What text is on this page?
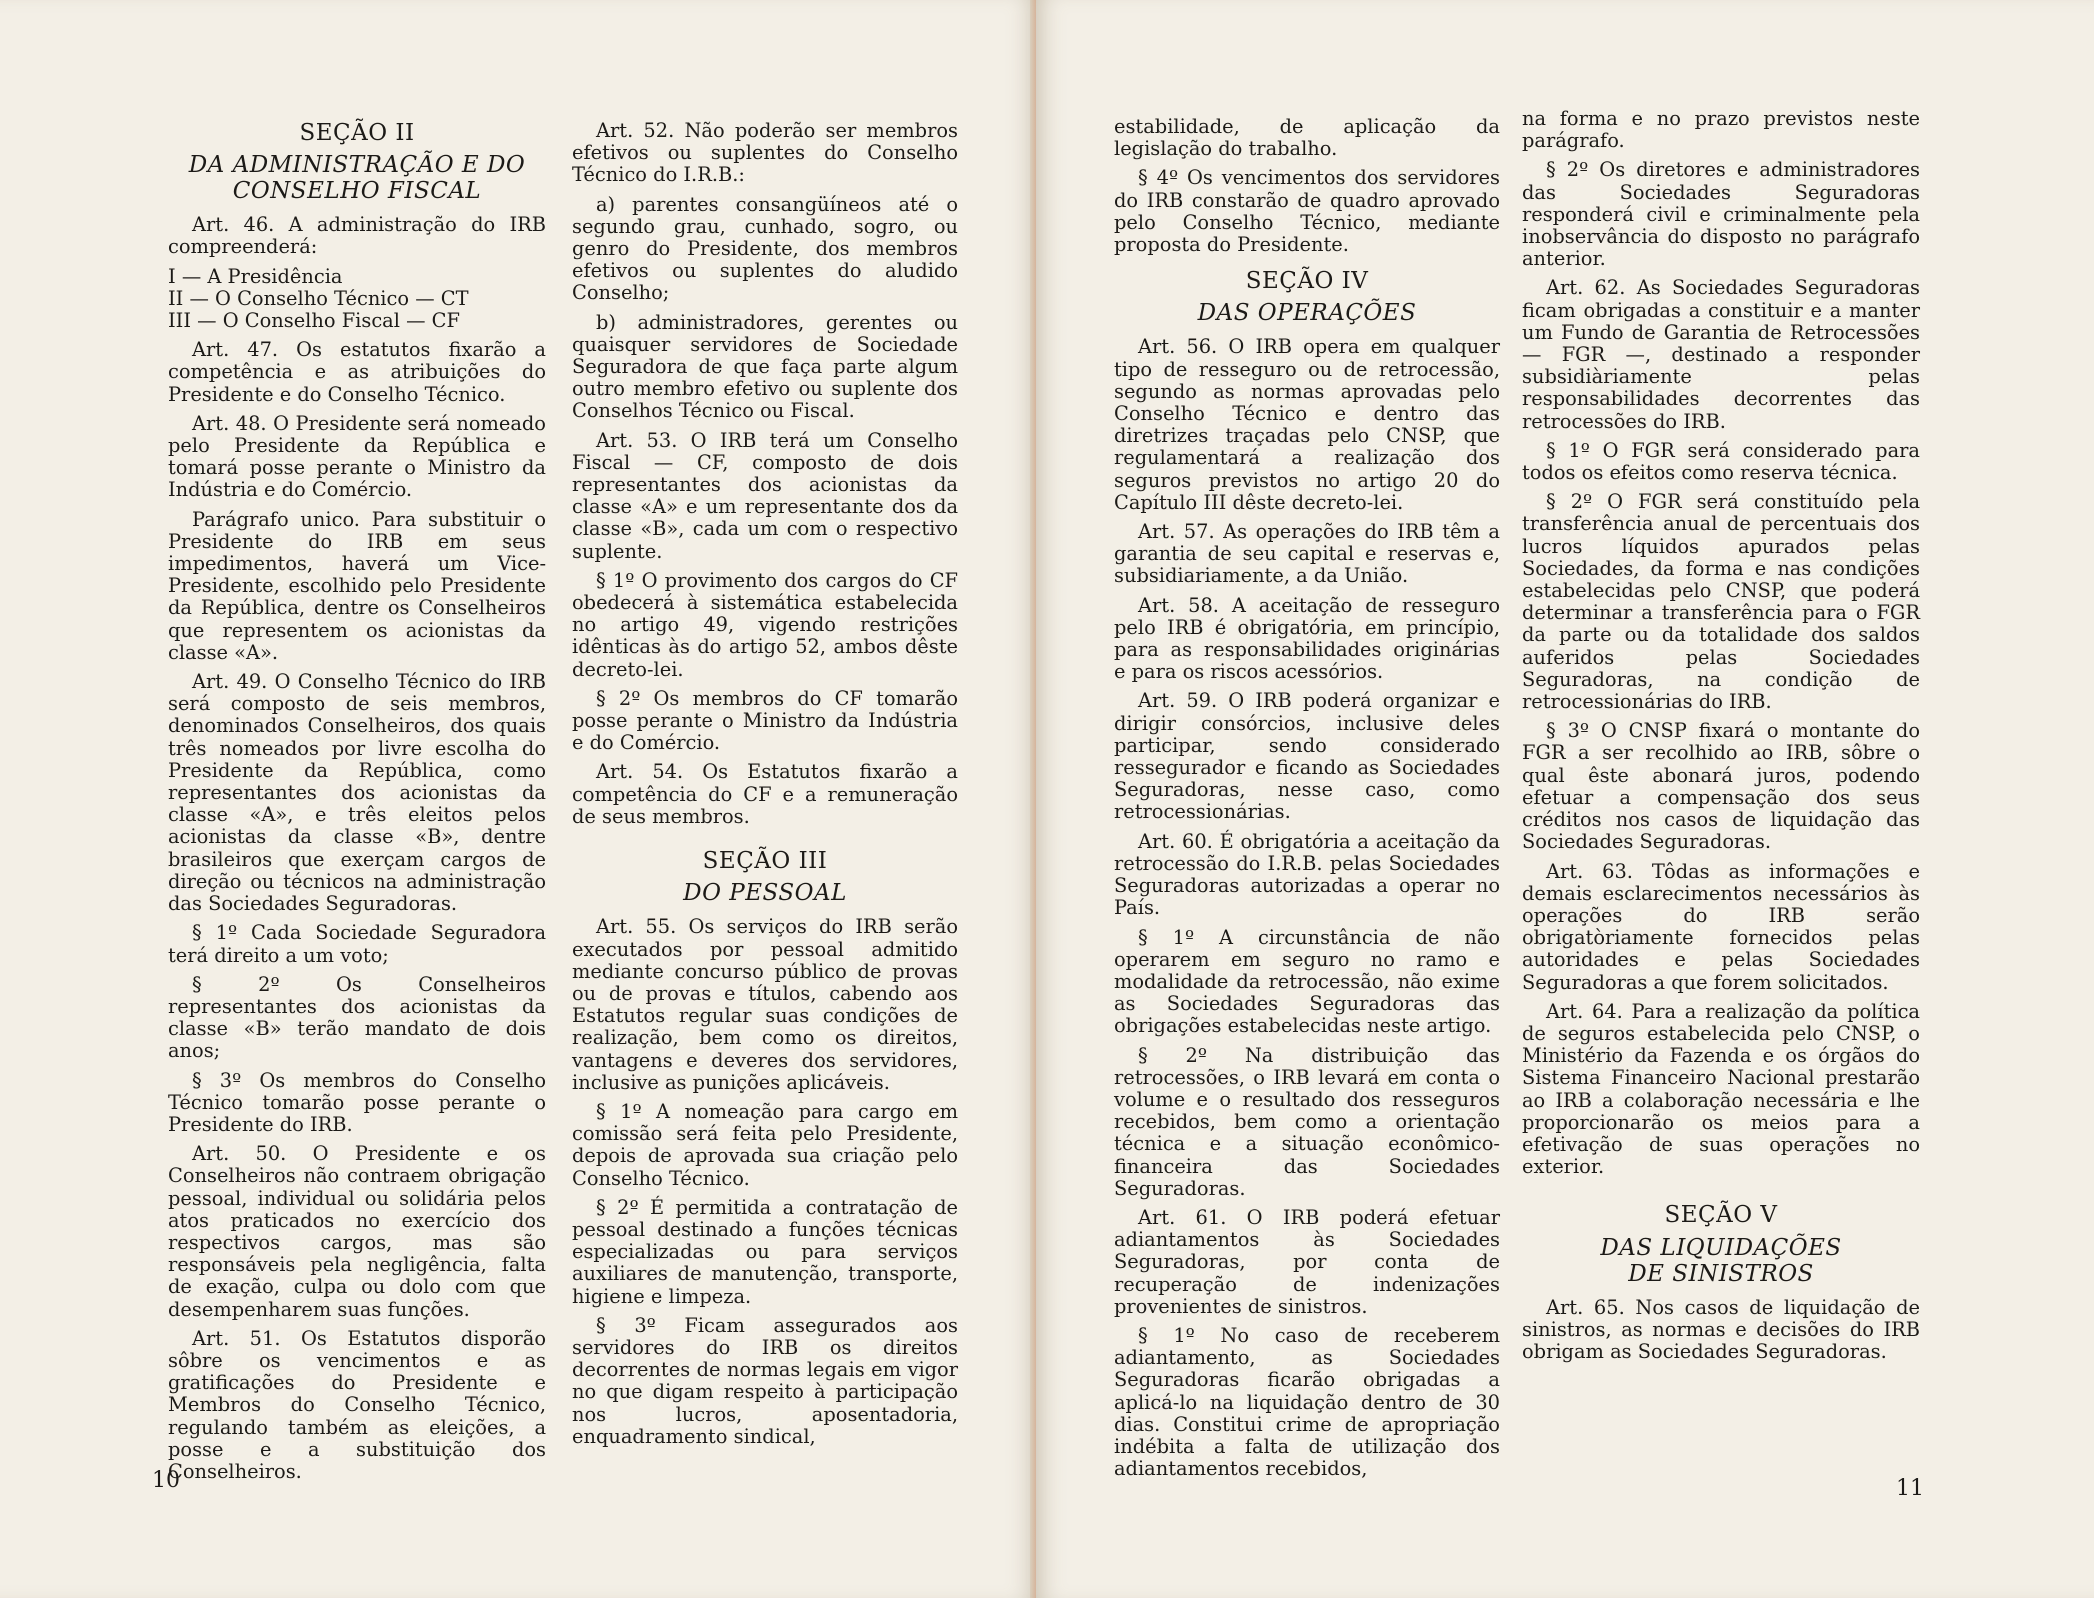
SEÇÃO II
DA ADMINISTRAÇÃO E DO
CONSELHO FISCAL

Art. 46. A administração do IRB compreenderá:

I — A Presidência
II — O Conselho Técnico — CT
III — O Conselho Fiscal — CF

Art. 47. Os estatutos fixarão a competência e as atribuições do Presidente e do Conselho Técnico.

Art. 48. O Presidente será nomeado pelo Presidente da República e tomará posse perante o Ministro da Indústria e do Comércio.

Parágrafo unico. Para substituir o Presidente do IRB em seus impedimentos, haverá um Vice-Presidente, escolhido pelo Presidente da República, dentre os Conselheiros que representem os acionistas da classe «A».

Art. 49. O Conselho Técnico do IRB será composto de seis membros, denominados Conselheiros, dos quais três nomeados por livre escolha do Presidente da República, como representantes dos acionistas da classe «A», e três eleitos pelos acionistas da classe «B», dentre brasileiros que exerçam cargos de direção ou técnicos na administração das Sociedades Seguradoras.

§ 1º Cada Sociedade Seguradora terá direito a um voto;

§ 2º Os Conselheiros representantes dos acionistas da classe «B» terão mandato de dois anos;

§ 3º Os membros do Conselho Técnico tomarão posse perante o Presidente do IRB.

Art. 50. O Presidente e os Conselheiros não contraem obrigação pessoal, individual ou solidária pelos atos praticados no exercício dos respectivos cargos, mas são responsáveis pela negligência, falta de exação, culpa ou dolo com que desempenharem suas funções.

Art. 51. Os Estatutos disporão sôbre os vencimentos e as gratificações do Presidente e Membros do Conselho Técnico, regulando também as eleições, a posse e a substituição dos Conselheiros.

Art. 52. Não poderão ser membros efetivos ou suplentes do Conselho Técnico do I.R.B.:

a) parentes consangüíneos até o segundo grau, cunhado, sogro, ou genro do Presidente, dos membros efetivos ou suplentes do aludido Conselho;

b) administradores, gerentes ou quaisquer servidores de Sociedade Seguradora de que faça parte algum outro membro efetivo ou suplente dos Conselhos Técnico ou Fiscal.

Art. 53. O IRB terá um Conselho Fiscal — CF, composto de dois representantes dos acionistas da classe «A» e um representante dos da classe «B», cada um com o respectivo suplente.

§ 1º O provimento dos cargos do CF obedecerá à sistemática estabelecida no artigo 49, vigendo restrições idênticas às do artigo 52, ambos dêste decreto-lei.

§ 2º Os membros do CF tomarão posse perante o Ministro da Indústria e do Comércio.

Art. 54. Os Estatutos fixarão a competência do CF e a remuneração de seus membros.

SEÇÃO III
DO PESSOAL

Art. 55. Os serviços do IRB serão executados por pessoal admitido mediante concurso público de provas ou de provas e títulos, cabendo aos Estatutos regular suas condições de realização, bem como os direitos, vantagens e deveres dos servidores, inclusive as punições aplicáveis.

§ 1º A nomeação para cargo em comissão será feita pelo Presidente, depois de aprovada sua criação pelo Conselho Técnico.

§ 2º É permitida a contratação de pessoal destinado a funções técnicas especializadas ou para serviços auxiliares de manutenção, transporte, higiene e limpeza.

§ 3º Ficam assegurados aos servidores do IRB os direitos decorrentes de normas legais em vigor no que digam respeito à participação nos lucros, aposentadoria, enquadramento sindical,

10

estabilidade, de aplicação da legislação do trabalho.

§ 4º Os vencimentos dos servidores do IRB constarão de quadro aprovado pelo Conselho Técnico, mediante proposta do Presidente.

SEÇÃO IV
DAS OPERAÇÕES

Art. 56. O IRB opera em qualquer tipo de resseguro ou de retrocessão, segundo as normas aprovadas pelo Conselho Técnico e dentro das diretrizes traçadas pelo CNSP, que regulamentará a realização dos seguros previstos no artigo 20 do Capítulo III dêste decreto-lei.

Art. 57. As operações do IRB têm a garantia de seu capital e reservas e, subsidiariamente, a da União.

Art. 58. A aceitação de resseguro pelo IRB é obrigatória, em princípio, para as responsabilidades originárias e para os riscos acessórios.

Art. 59. O IRB poderá organizar e dirigir consórcios, inclusive deles participar, sendo considerado ressegurador e ficando as Sociedades Seguradoras, nesse caso, como retrocessionárias.

Art. 60. É obrigatória a aceitação da retrocessão do I.R.B. pelas Sociedades Seguradoras autorizadas a operar no País.

§ 1º A circunstância de não operarem em seguro no ramo e modalidade da retrocessão, não exime as Sociedades Seguradoras das obrigações estabelecidas neste artigo.

§ 2º Na distribuição das retrocessões, o IRB levará em conta o volume e o resultado dos resseguros recebidos, bem como a orientação técnica e a situação econômico-financeira das Sociedades Seguradoras.

Art. 61. O IRB poderá efetuar adiantamentos às Sociedades Seguradoras, por conta de recuperação de indenizações provenientes de sinistros.

§ 1º No caso de receberem adiantamento, as Sociedades Seguradoras ficarão obrigadas a aplicá-lo na liquidação dentro de 30 dias. Constitui crime de apropriação indébita a falta de utilização dos adiantamentos recebidos,

na forma e no prazo previstos neste parágrafo.

§ 2º Os diretores e administradores das Sociedades Seguradoras responderá civil e criminalmente pela inobservância do disposto no parágrafo anterior.

Art. 62. As Sociedades Seguradoras ficam obrigadas a constituir e a manter um Fundo de Garantia de Retrocessões — FGR —, destinado a responder subsidiàriamente pelas responsabilidades decorrentes das retrocessões do IRB.

§ 1º O FGR será considerado para todos os efeitos como reserva técnica.

§ 2º O FGR será constituído pela transferência anual de percentuais dos lucros líquidos apurados pelas Sociedades, da forma e nas condições estabelecidas pelo CNSP, que poderá determinar a transferência para o FGR da parte ou da totalidade dos saldos auferidos pelas Sociedades Seguradoras, na condição de retrocessionárias do IRB.

§ 3º O CNSP fixará o montante do FGR a ser recolhido ao IRB, sôbre o qual êste abonará juros, podendo efetuar a compensação dos seus créditos nos casos de liquidação das Sociedades Seguradoras.

Art. 63. Tôdas as informações e demais esclarecimentos necessários às operações do IRB serão obrigatòriamente fornecidos pelas autoridades e pelas Sociedades Seguradoras a que forem solicitados.

Art. 64. Para a realização da política de seguros estabelecida pelo CNSP, o Ministério da Fazenda e os órgãos do Sistema Financeiro Nacional prestarão ao IRB a colaboração necessária e lhe proporcionarão os meios para a efetivação de suas operações no exterior.

SEÇÃO V
DAS LIQUIDAÇÕES
DE SINISTROS

Art. 65. Nos casos de liquidação de sinistros, as normas e decisões do IRB obrigam as Sociedades Seguradoras.

11
